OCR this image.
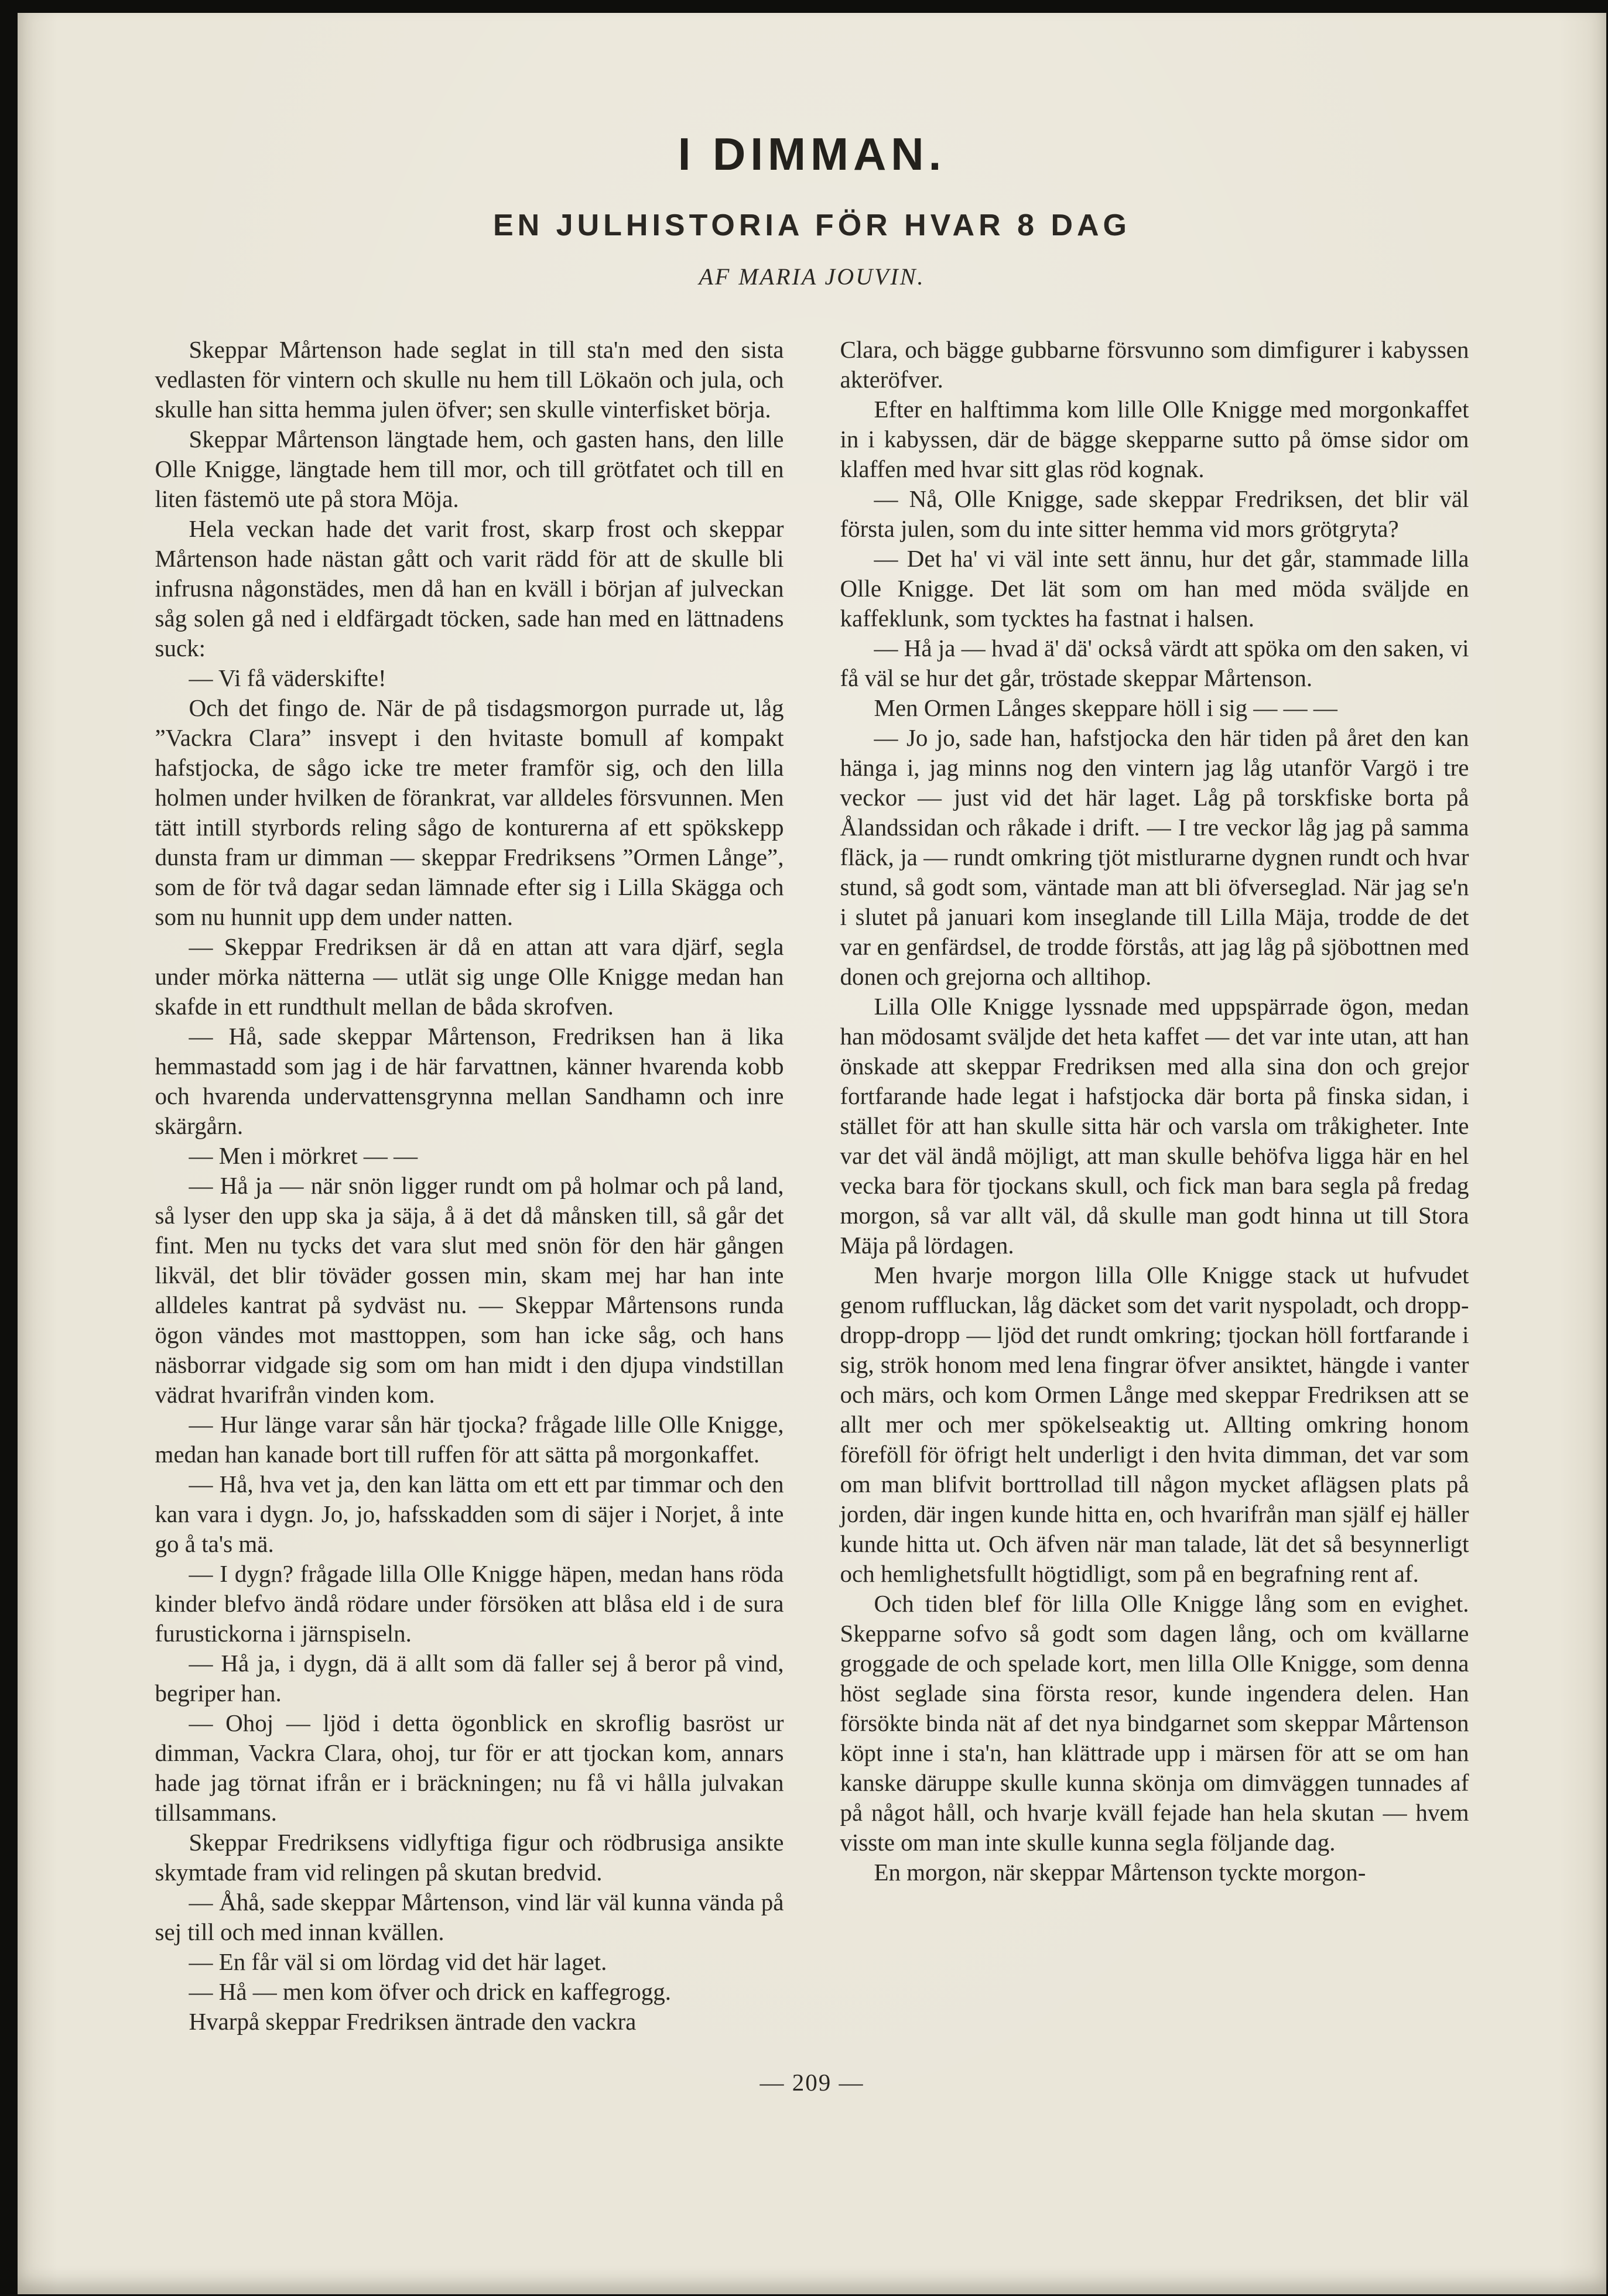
I DIMMAN.
EN JULHISTORIA FÖR HVAR 8 DAG
AF MARIA JOUVIN.

Skeppar Mårtenson hade seglat in till sta'n med den sista vedlasten för vintern och skulle nu hem till Lökaön och jula, och skulle han sitta hemma julen öfver; sen skulle vinterfisket börja.

Skeppar Mårtenson längtade hem, och gasten hans, den lille Olle Knigge, längtade hem till mor, och till grötfatet och till en liten fästemö ute på stora Möja.

Hela veckan hade det varit frost, skarp frost och skeppar Mårtenson hade nästan gått och varit rädd för att de skulle bli infrusna någonstädes, men då han en kväll i början af julveckan såg solen gå ned i eldfärgadt töcken, sade han med en lättnadens suck:

— Vi få väderskifte!

Och det fingo de. När de på tisdagsmorgon purrade ut, låg ”Vackra Clara” insvept i den hvitaste bomull af kompakt hafstjocka, de sågo icke tre meter framför sig, och den lilla holmen under hvilken de förankrat, var alldeles försvunnen. Men tätt intill styrbords reling sågo de konturerna af ett spökskepp dunsta fram ur dimman — skeppar Fredriksens ”Ormen Långe”, som de för två dagar sedan lämnade efter sig i Lilla Skägga och som nu hunnit upp dem under natten.

— Skeppar Fredriksen är då en attan att vara djärf, segla under mörka nätterna — utlät sig unge Olle Knigge medan han skafde in ett rundthult mellan de båda skrofven.

— Hå, sade skeppar Mårtenson, Fredriksen han ä lika hemmastadd som jag i de här farvattnen, känner hvarenda kobb och hvarenda undervattensgrynna mellan Sandhamn och inre skärgårn.

— Men i mörkret — —

— Hå ja — när snön ligger rundt om på holmar och på land, så lyser den upp ska ja säja, å ä det då månsken till, så går det fint. Men nu tycks det vara slut med snön för den här gången likväl, det blir töväder gossen min, skam mej har han inte alldeles kantrat på sydväst nu. — Skeppar Mårtensons runda ögon vändes mot masttoppen, som han icke såg, och hans näsborrar vidgade sig som om han midt i den djupa vindstillan vädrat hvarifrån vinden kom.

— Hur länge varar sån här tjocka? frågade lille Olle Knigge, medan han kanade bort till ruffen för att sätta på morgonkaffet.

— Hå, hva vet ja, den kan lätta om ett ett par timmar och den kan vara i dygn. Jo, jo, hafsskadden som di säjer i Norjet, å inte go å ta's mä.

— I dygn? frågade lilla Olle Knigge häpen, medan hans röda kinder blefvo ändå rödare under försöken att blåsa eld i de sura furustickorna i järnspiseln.

— Hå ja, i dygn, dä ä allt som dä faller sej å beror på vind, begriper han.

— Ohoj — ljöd i detta ögonblick en skroflig basröst ur dimman, Vackra Clara, ohoj, tur för er att tjockan kom, annars hade jag törnat ifrån er i bräckningen; nu få vi hålla julvakan tillsammans.

Skeppar Fredriksens vidlyftiga figur och rödbrusiga ansikte skymtade fram vid relingen på skutan bredvid.

— Åhå, sade skeppar Mårtenson, vind lär väl kunna vända på sej till och med innan kvällen.

— En får väl si om lördag vid det här laget.

— Hå — men kom öfver och drick en kaffegrogg.

Hvarpå skeppar Fredriksen äntrade den vackra

Clara, och bägge gubbarne försvunno som dimfigurer i kabyssen akteröfver.

Efter en halftimma kom lille Olle Knigge med morgonkaffet in i kabyssen, där de bägge skepparne sutto på ömse sidor om klaffen med hvar sitt glas röd kognak.

— Nå, Olle Knigge, sade skeppar Fredriksen, det blir väl första julen, som du inte sitter hemma vid mors grötgryta?

— Det ha' vi väl inte sett ännu, hur det går, stammade lilla Olle Knigge. Det lät som om han med möda sväljde en kaffeklunk, som tycktes ha fastnat i halsen.

— Hå ja — hvad ä' dä' också värdt att spöka om den saken, vi få väl se hur det går, tröstade skeppar Mårtenson.

Men Ormen Långes skeppare höll i sig — — —

— Jo jo, sade han, hafstjocka den här tiden på året den kan hänga i, jag minns nog den vintern jag låg utanför Vargö i tre veckor — just vid det här laget. Låg på torskfiske borta på Ålandssidan och råkade i drift. — I tre veckor låg jag på samma fläck, ja — rundt omkring tjöt mistlurarne dygnen rundt och hvar stund, så godt som, väntade man att bli öfverseglad. När jag se'n i slutet på januari kom inseglande till Lilla Mäja, trodde de det var en genfärdsel, de trodde förstås, att jag låg på sjöbottnen med donen och grejorna och alltihop.

Lilla Olle Knigge lyssnade med uppspärrade ögon, medan han mödosamt sväljde det heta kaffet — det var inte utan, att han önskade att skeppar Fredriksen med alla sina don och grejor fortfarande hade legat i hafstjocka där borta på finska sidan, i stället för att han skulle sitta här och varsla om tråkigheter. Inte var det väl ändå möjligt, att man skulle behöfva ligga här en hel vecka bara för tjockans skull, och fick man bara segla på fredag morgon, så var allt väl, då skulle man godt hinna ut till Stora Mäja på lördagen.

Men hvarje morgon lilla Olle Knigge stack ut hufvudet genom ruffluckan, låg däcket som det varit nyspoladt, och dropp-dropp-dropp — ljöd det rundt omkring; tjockan höll fortfarande i sig, strök honom med lena fingrar öfver ansiktet, hängde i vanter och märs, och kom Ormen Långe med skeppar Fredriksen att se allt mer och mer spökelseaktig ut. Allting omkring honom föreföll för öfrigt helt underligt i den hvita dimman, det var som om man blifvit borttrollad till någon mycket aflägsen plats på jorden, där ingen kunde hitta en, och hvarifrån man själf ej häller kunde hitta ut. Och äfven när man talade, lät det så besynnerligt och hemlighetsfullt högtidligt, som på en begrafning rent af.

Och tiden blef för lilla Olle Knigge lång som en evighet. Skepparne sofvo så godt som dagen lång, och om kvällarne groggade de och spelade kort, men lilla Olle Knigge, som denna höst seglade sina första resor, kunde ingendera delen. Han försökte binda nät af det nya bindgarnet som skeppar Mårtenson köpt inne i sta'n, han klättrade upp i märsen för att se om han kanske däruppe skulle kunna skönja om dimväggen tunnades af på något håll, och hvarje kväll fejade han hela skutan — hvem visste om man inte skulle kunna segla följande dag.

En morgon, när skeppar Mårtenson tyckte morgon-

— 209 —
